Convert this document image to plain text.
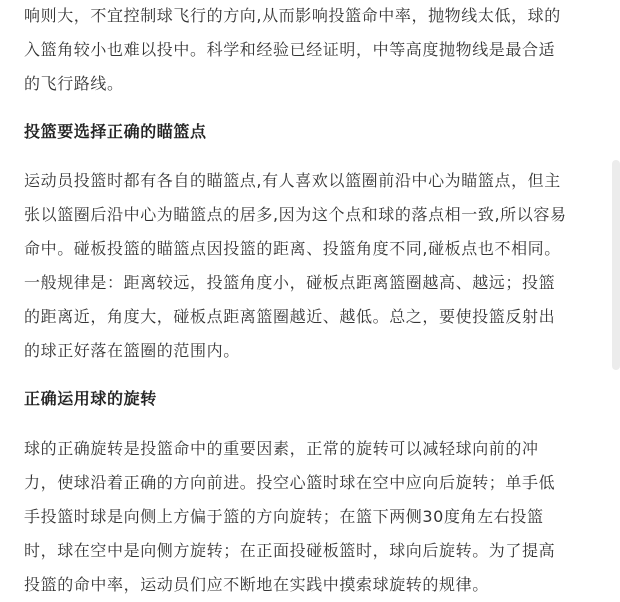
响则大，不宜控制球飞行的方向,从而影响投篮命中率，抛物线太低，球的
入篮角较小也难以投中。科学和经验已经证明，中等高度抛物线是最合适
的飞行路线。

投篮要选择正确的瞄篮点

运动员投篮时都有各自的瞄篮点,有人喜欢以篮圈前沿中心为瞄篮点，但主
张以篮圈后沿中心为瞄篮点的居多,因为这个点和球的落点相一致,所以容易
命中。碰板投篮的瞄篮点因投篮的距离、投篮角度不同,碰板点也不相同。
一般规律是：距离较远，投篮角度小，碰板点距离篮圈越高、越远；投篮
的距离近，角度大，碰板点距离篮圈越近、越低。总之，要使投篮反射出
的球正好落在篮圈的范围内。

正确运用球的旋转

球的正确旋转是投篮命中的重要因素，正常的旋转可以减轻球向前的冲
力，使球沿着正确的方向前进。投空心篮时球在空中应向后旋转；单手低
手投篮时球是向侧上方偏于篮的方向旋转；在篮下两侧30度角左右投篮
时，球在空中是向侧方旋转；在正面投碰板篮时，球向后旋转。为了提高
投篮的命中率，运动员们应不断地在实践中摸索球旋转的规律。
